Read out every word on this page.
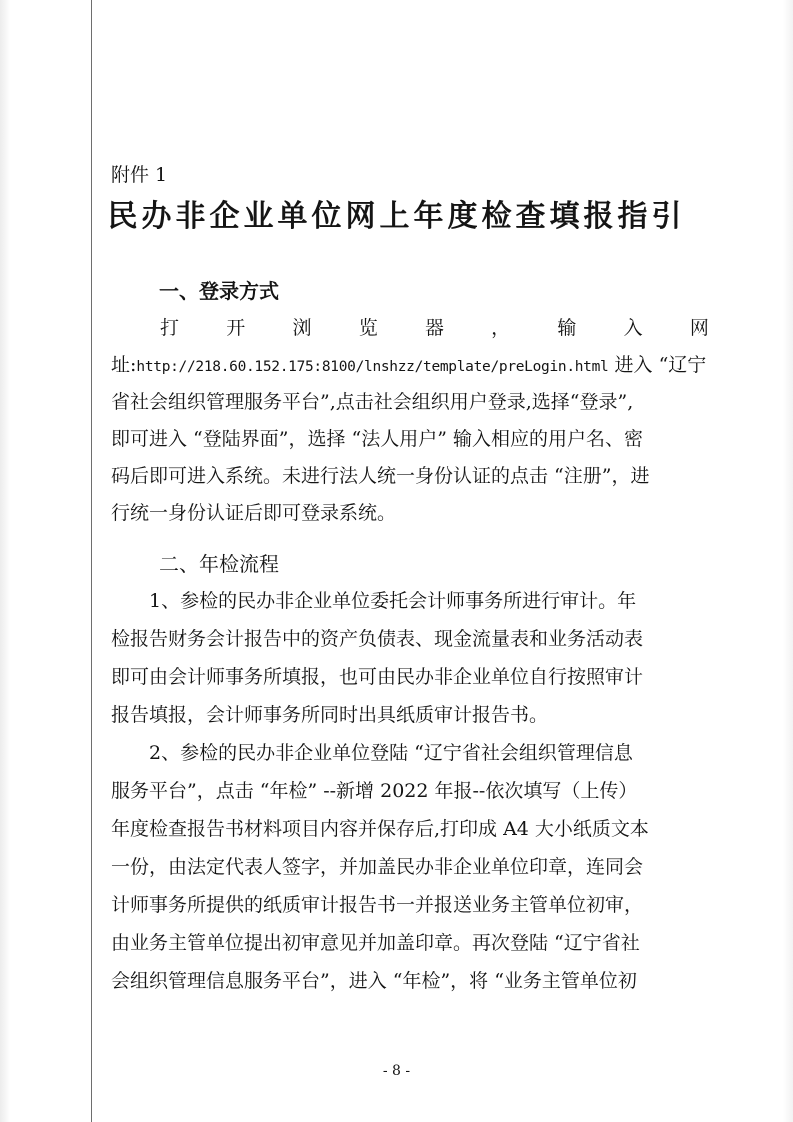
附件 1
民办非企业单位网上年度检查填报指引
一、登录方式
打 开 浏 览 器 ， 输 入 网
址:http://218.60.152.175:8100/lnshzz/template/preLogin.html 进入 “辽宁
省社会组织管理服务平台”,点击社会组织用户登录,选择“登录”,
即可进入 “登陆界面”，选择 “法人用户” 输入相应的用户名、密
码后即可进入系统。未进行法人统一身份认证的点击 “注册”，进
行统一身份认证后即可登录系统。
二、年检流程
　　1、参检的民办非企业单位委托会计师事务所进行审计。年
检报告财务会计报告中的资产负债表、现金流量表和业务活动表
即可由会计师事务所填报，也可由民办非企业单位自行按照审计
报告填报，会计师事务所同时出具纸质审计报告书。
　　2、参检的民办非企业单位登陆 “辽宁省社会组织管理信息
服务平台”，点击 “年检” --新增 2022 年报--依次填写（上传）
年度检查报告书材料项目内容并保存后,打印成 A4 大小纸质文本
一份，由法定代表人签字，并加盖民办非企业单位印章，连同会
计师事务所提供的纸质审计报告书一并报送业务主管单位初审，
由业务主管单位提出初审意见并加盖印章。再次登陆 “辽宁省社
会组织管理信息服务平台”，进入 “年检”，将 “业务主管单位初
- 8 -
